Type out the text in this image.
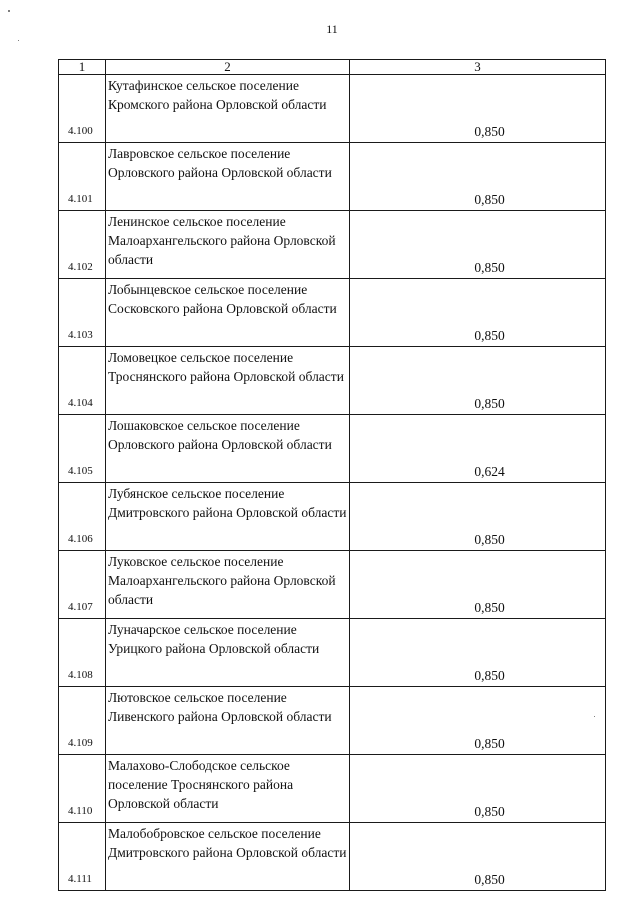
11
1	2	3
4.100	Кутафинское сельское поселение Кромского района Орловской области	0,850
4.101	Лавровское сельское поселение Орловского района Орловской области	0,850
4.102	Ленинское сельское поселение Малоархангельского района Орловской области	0,850
4.103	Лобынцевское сельское поселение Сосковского района Орловской области	0,850
4.104	Ломовецкое сельское поселение Троснянского района Орловской области	0,850
4.105	Лошаковское сельское поселение Орловского района Орловской области	0,624
4.106	Лубянское сельское поселение Дмитровского района Орловской области	0,850
4.107	Луковское сельское поселение Малоархангельского района Орловской области	0,850
4.108	Луначарское сельское поселение Урицкого района Орловской области	0,850
4.109	Лютовское сельское поселение Ливенского района Орловской области	0,850
4.110	Малахово-Слободское сельское поселение Троснянского района Орловской области	0,850
4.111	Малобобровское сельское поселение Дмитровского района Орловской области	0,850
